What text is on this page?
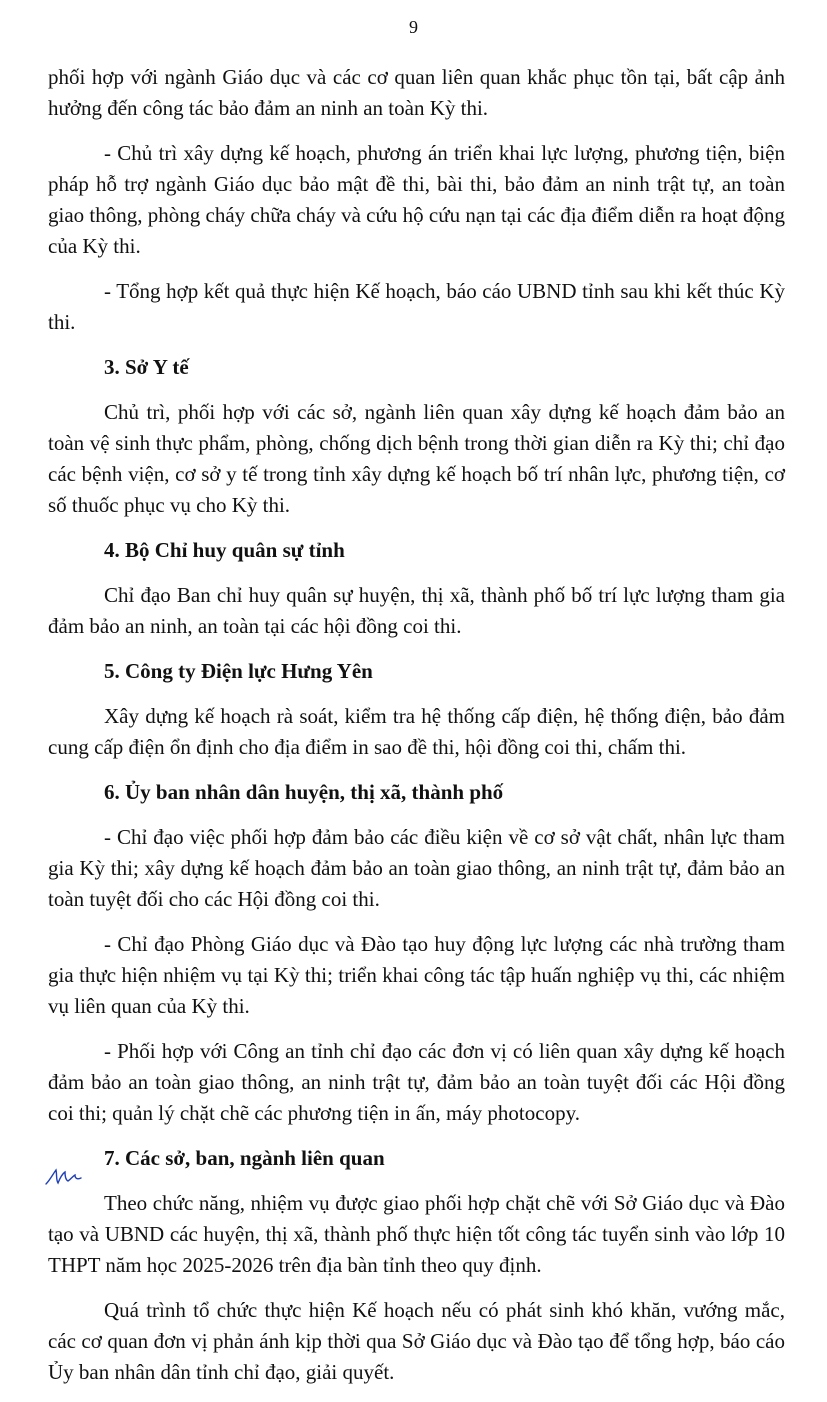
9

phối hợp với ngành Giáo dục và các cơ quan liên quan khắc phục tồn tại, bất cập ảnh hưởng đến công tác bảo đảm an ninh an toàn Kỳ thi.

- Chủ trì xây dựng kế hoạch, phương án triển khai lực lượng, phương tiện, biện pháp hỗ trợ ngành Giáo dục bảo mật đề thi, bài thi, bảo đảm an ninh trật tự, an toàn giao thông, phòng cháy chữa cháy và cứu hộ cứu nạn tại các địa điểm diễn ra hoạt động của Kỳ thi.

- Tổng hợp kết quả thực hiện Kế hoạch, báo cáo UBND tỉnh sau khi kết thúc Kỳ thi.

3. Sở Y tế

Chủ trì, phối hợp với các sở, ngành liên quan xây dựng kế hoạch đảm bảo an toàn vệ sinh thực phẩm, phòng, chống dịch bệnh trong thời gian diễn ra Kỳ thi; chỉ đạo các bệnh viện, cơ sở y tế trong tỉnh xây dựng kế hoạch bố trí nhân lực, phương tiện, cơ số thuốc phục vụ cho Kỳ thi.

4. Bộ Chỉ huy quân sự tỉnh

Chỉ đạo Ban chỉ huy quân sự huyện, thị xã, thành phố bố trí lực lượng tham gia đảm bảo an ninh, an toàn tại các hội đồng coi thi.

5. Công ty Điện lực Hưng Yên

Xây dựng kế hoạch rà soát, kiểm tra hệ thống cấp điện, hệ thống điện, bảo đảm cung cấp điện ổn định cho địa điểm in sao đề thi, hội đồng coi thi, chấm thi.

6. Ủy ban nhân dân huyện, thị xã, thành phố

- Chỉ đạo việc phối hợp đảm bảo các điều kiện về cơ sở vật chất, nhân lực tham gia Kỳ thi; xây dựng kế hoạch đảm bảo an toàn giao thông, an ninh trật tự, đảm bảo an toàn tuyệt đối cho các Hội đồng coi thi.

- Chỉ đạo Phòng Giáo dục và Đào tạo huy động lực lượng các nhà trường tham gia thực hiện nhiệm vụ tại Kỳ thi; triển khai công tác tập huấn nghiệp vụ thi, các nhiệm vụ liên quan của Kỳ thi.

- Phối hợp với Công an tỉnh chỉ đạo các đơn vị có liên quan xây dựng kế hoạch đảm bảo an toàn giao thông, an ninh trật tự, đảm bảo an toàn tuyệt đối các Hội đồng coi thi; quản lý chặt chẽ các phương tiện in ấn, máy photocopy.

7. Các sở, ban, ngành liên quan

Theo chức năng, nhiệm vụ được giao phối hợp chặt chẽ với Sở Giáo dục và Đào tạo và UBND các huyện, thị xã, thành phố thực hiện tốt công tác tuyển sinh vào lớp 10 THPT năm học 2025-2026 trên địa bàn tỉnh theo quy định.

Quá trình tổ chức thực hiện Kế hoạch nếu có phát sinh khó khăn, vướng mắc, các cơ quan đơn vị phản ánh kịp thời qua Sở Giáo dục và Đào tạo để tổng hợp, báo cáo Ủy ban nhân dân tỉnh chỉ đạo, giải quyết.
